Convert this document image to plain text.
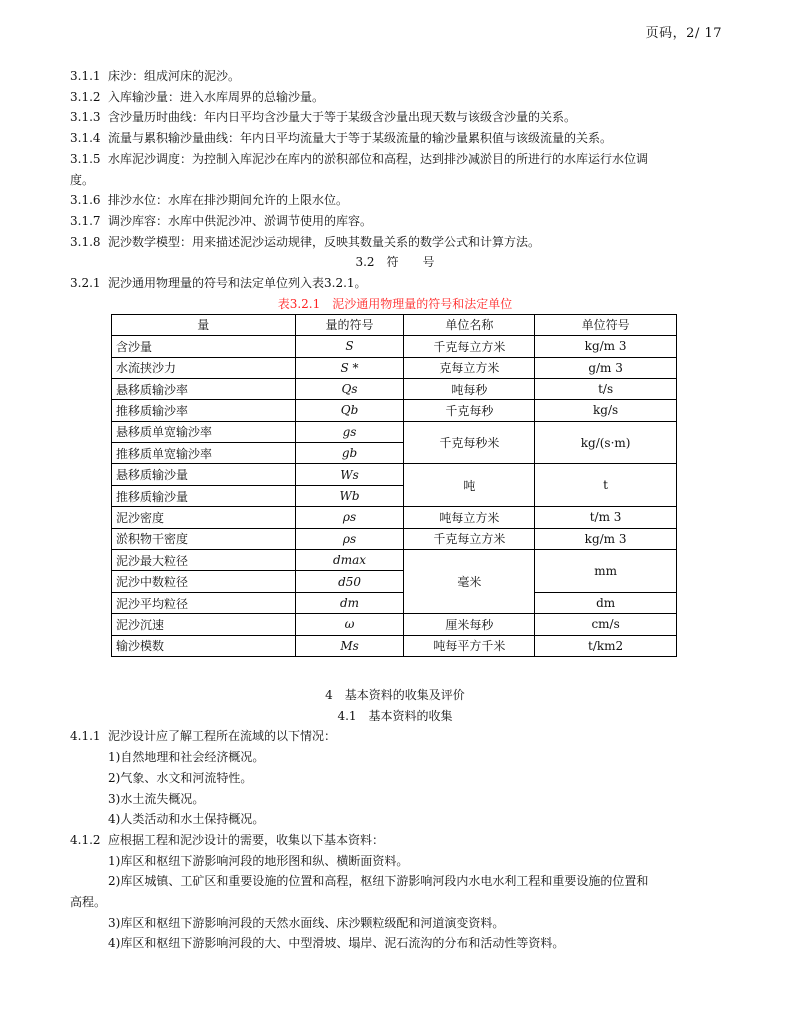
页码，2/ 17
3.1.1 床沙：组成河床的泥沙。
3.1.2 入库输沙量：进入水库周界的总输沙量。
3.1.3 含沙量历时曲线：年内日平均含沙量大于等于某级含沙量出现天数与该级含沙量的关系。
3.1.4 流量与累积输沙量曲线：年内日平均流量大于等于某级流量的输沙量累积值与该级流量的关系。
3.1.5 水库泥沙调度：为控制入库泥沙在库内的淤积部位和高程，达到排沙减淤目的所进行的水库运行水位调
度。
3.1.6 排沙水位：水库在排沙期间允许的上限水位。
3.1.7 调沙库容：水库中供泥沙冲、淤调节使用的库容。
3.1.8 泥沙数学模型：用来描述泥沙运动规律，反映其数量关系的数学公式和计算方法。
3.2　符　　号
3.2.1 泥沙通用物理量的符号和法定单位列入表3.2.1。
表3.2.1　泥沙通用物理量的符号和法定单位
量	量的符号	单位名称	单位符号
含沙量	S	千克每立方米	kg/m 3
水流挟沙力	S *	克每立方米	g/m 3
悬移质输沙率	Qs	吨每秒	t/s
推移质输沙率	Qb	千克每秒	kg/s
悬移质单宽输沙率	gs	千克每秒米	kg/(s·m)
推移质单宽输沙率	gb		
悬移质输沙量	Ws	吨	t
推移质输沙量	Wb		
泥沙密度	ρs	吨每立方米	t/m 3
淤积物干密度	ρs	千克每立方米	kg/m 3
泥沙最大粒径	dmax	毫米	mm
泥沙中数粒径	d50		
泥沙平均粒径	dm		dm
泥沙沉速	ω	厘米每秒	cm/s
输沙模数	Ms	吨每平方千米	t/km2
4　基本资料的收集及评价
4.1　基本资料的收集
4.1.1 泥沙设计应了解工程所在流域的以下情况：
1)自然地理和社会经济概况。
2)气象、水文和河流特性。
3)水土流失概况。
4)人类活动和水土保持概况。
4.1.2 应根据工程和泥沙设计的需要，收集以下基本资料：
1)库区和枢纽下游影响河段的地形图和纵、横断面资料。
2)库区城镇、工矿区和重要设施的位置和高程，枢纽下游影响河段内水电水利工程和重要设施的位置和
高程。
3)库区和枢纽下游影响河段的天然水面线、床沙颗粒级配和河道演变资料。
4)库区和枢纽下游影响河段的大、中型滑坡、塌岸、泥石流沟的分布和活动性等资料。
